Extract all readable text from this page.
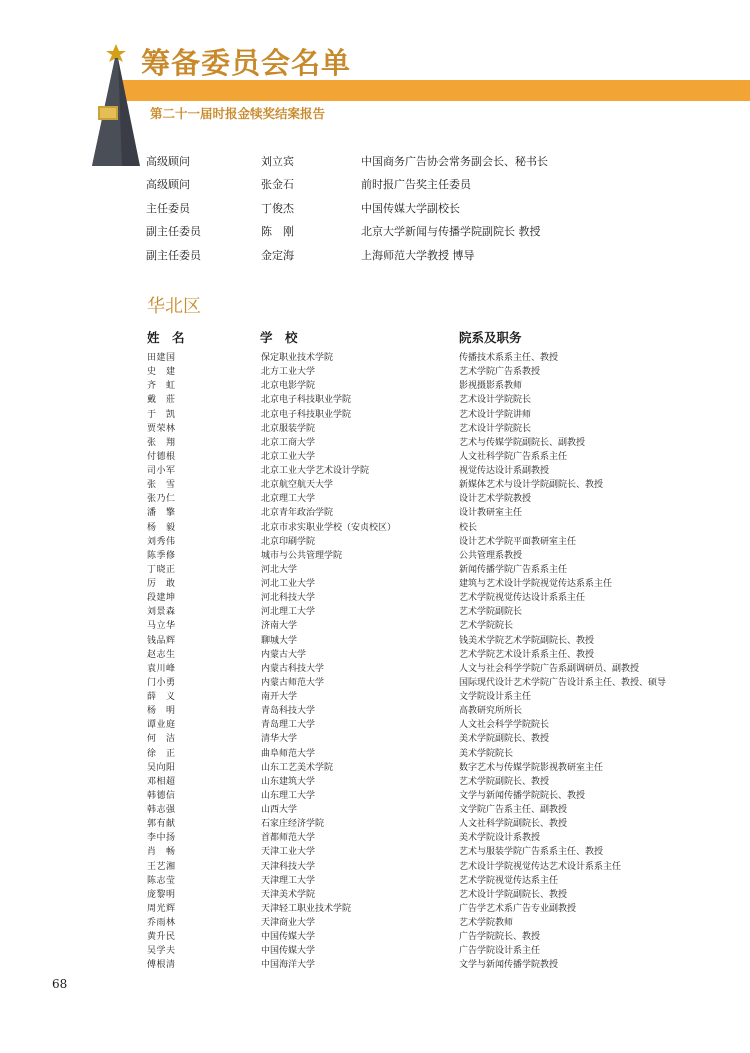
筹备委员会名单
第二十一届时报金犊奖结案报告
高级顾问	刘立宾	中国商务广告协会常务副会长、秘书长
高级顾问	张金石	前时报广告奖主任委员
主任委员	丁俊杰	中国传媒大学副校长
副主任委员	陈　刚	北京大学新闻与传播学院副院长 教授
副主任委员	金定海	上海师范大学教授 博导
华北区
姓　名	学　校	院系及职务
田建国	保定职业技术学院	传播技术系系主任、教授
史　建	北方工业大学	艺术学院广告系教授
齐　虹	北京电影学院	影视摄影系教师
戴　莊	北京电子科技职业学院	艺术设计学院院长
于　凯	北京电子科技职业学院	艺术设计学院讲师
贾荣林	北京服装学院	艺术设计学院院长
张　翔	北京工商大学	艺术与传媒学院副院长、副教授
付德根	北京工业大学	人文社科学院广告系系主任
司小军	北京工业大学艺术设计学院	视觉传达设计系副教授
张　雪	北京航空航天大学	新媒体艺术与设计学院副院长、教授
张乃仁	北京理工大学	设计艺术学院教授
潘　擎	北京青年政治学院	设计教研室主任
杨　毅	北京市求实职业学校（安贞校区）	校长
刘秀伟	北京印刷学院	设计艺术学院平面教研室主任
陈季修	城市与公共管理学院	公共管理系教授
丁晓正	河北大学	新闻传播学院广告系系主任
厉　敢	河北工业大学	建筑与艺术设计学院视觉传达系系主任
段建坤	河北科技大学	艺术学院视觉传达设计系系主任
刘景森	河北理工大学	艺术学院副院长
马立华	济南大学	艺术学院院长
钱品辉	聊城大学	钱美术学院艺术学院副院长、教授
赵志生	内蒙古大学	艺术学院艺术设计系系主任、教授
袁川峰	内蒙古科技大学	人文与社会科学学院广告系副调研员、副教授
门小勇	内蒙古师范大学	国际现代设计艺术学院广告设计系主任、教授、硕导
薛　义	南开大学	文学院设计系主任
杨　明	青岛科技大学	高教研究所所长
谭业庭	青岛理工大学	人文社会科学学院院长
何　洁	清华大学	美术学院副院长、教授
徐　正	曲阜师范大学	美术学院院长
吴向阳	山东工艺美术学院	数字艺术与传媒学院影视教研室主任
邓相超	山东建筑大学	艺术学院副院长、教授
韩德信	山东理工大学	文学与新闻传播学院院长、教授
韩志强	山西大学	文学院广告系主任、副教授
郭有献	石家庄经济学院	人文社科学院副院长、教授
李中扬	首都师范大学	美术学院设计系教授
肖　畅	天津工业大学	艺术与服装学院广告系系主任、教授
王艺湘	天津科技大学	艺术设计学院视觉传达艺术设计系系主任
陈志莹	天津理工大学	艺术学院视觉传达系主任
庞黎明	天津美术学院	艺术设计学院副院长、教授
周光辉	天津轻工职业技术学院	广告学艺术系广告专业副教授
乔雨林	天津商业大学	艺术学院教师
黄升民	中国传媒大学	广告学院院长、教授
吴学夫	中国传媒大学	广告学院设计系主任
傅根清	中国海洋大学	文学与新闻传播学院教授
68
